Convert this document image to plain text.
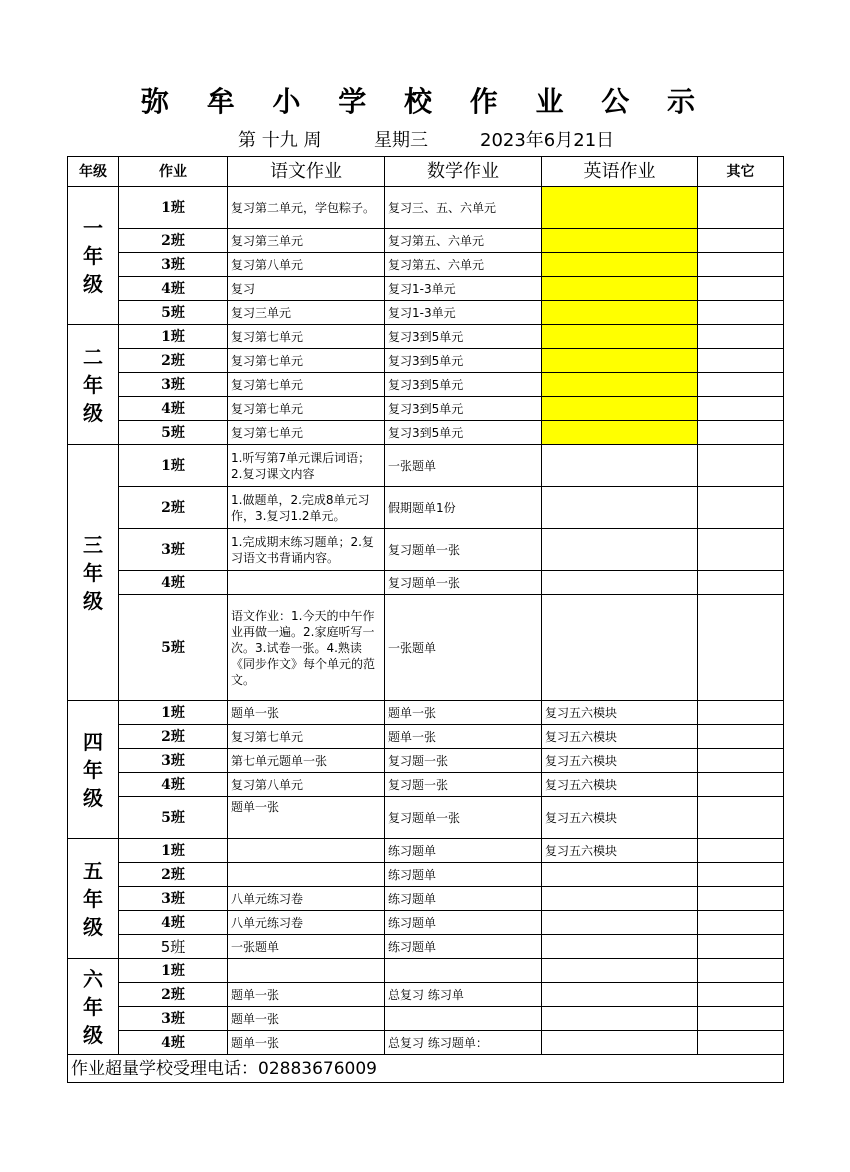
弥 牟 小 学 校 作 业 公 示
第 十九 周	星期三	2023年6月21日
年级	作业	语文作业	数学作业	英语作业	其它
一年级	1班	复习第二单元，学包粽子。	复习三、五、六单元		
	2班	复习第三单元	复习第五、六单元		
	3班	复习第八单元	复习第五、六单元		
	4班	复习	复习1-3单元		
	5班	复习三单元	复习1-3单元		
二年级	1班	复习第七单元	复习3到5单元		
	2班	复习第七单元	复习3到5单元		
	3班	复习第七单元	复习3到5单元		
	4班	复习第七单元	复习3到5单元		
	5班	复习第七单元	复习3到5单元		
三年级	1班	1.听写第7单元课后词语；2.复习课文内容	一张题单		
	2班	1.做题单，2.完成8单元习作，3.复习1.2单元。	假期题单1份		
	3班	1.完成期末练习题单；2.复习语文书背诵内容。	复习题单一张		
	4班		复习题单一张		
	5班	语文作业：1.今天的中午作业再做一遍。2.家庭听写一次。3.试卷一张。4.熟读《同步作文》每个单元的范文。	一张题单		
四年级	1班	题单一张	题单一张	复习五六模块	
	2班	复习第七单元	题单一张	复习五六模块	
	3班	第七单元题单一张	复习题一张	复习五六模块	
	4班	复习第八单元	复习题一张	复习五六模块	
	5班	题单一张	复习题单一张	复习五六模块	
五年级	1班		练习题单	复习五六模块	
	2班		练习题单		
	3班	八单元练习卷	练习题单		
	4班	八单元练习卷	练习题单		
	5班	一张题单	练习题单		
六年级	1班				
	2班	题单一张	总复习 练习单		
	3班	题单一张			
	4班	题单一张	总复习 练习题单：		
作业超量学校受理电话：02883676009					
